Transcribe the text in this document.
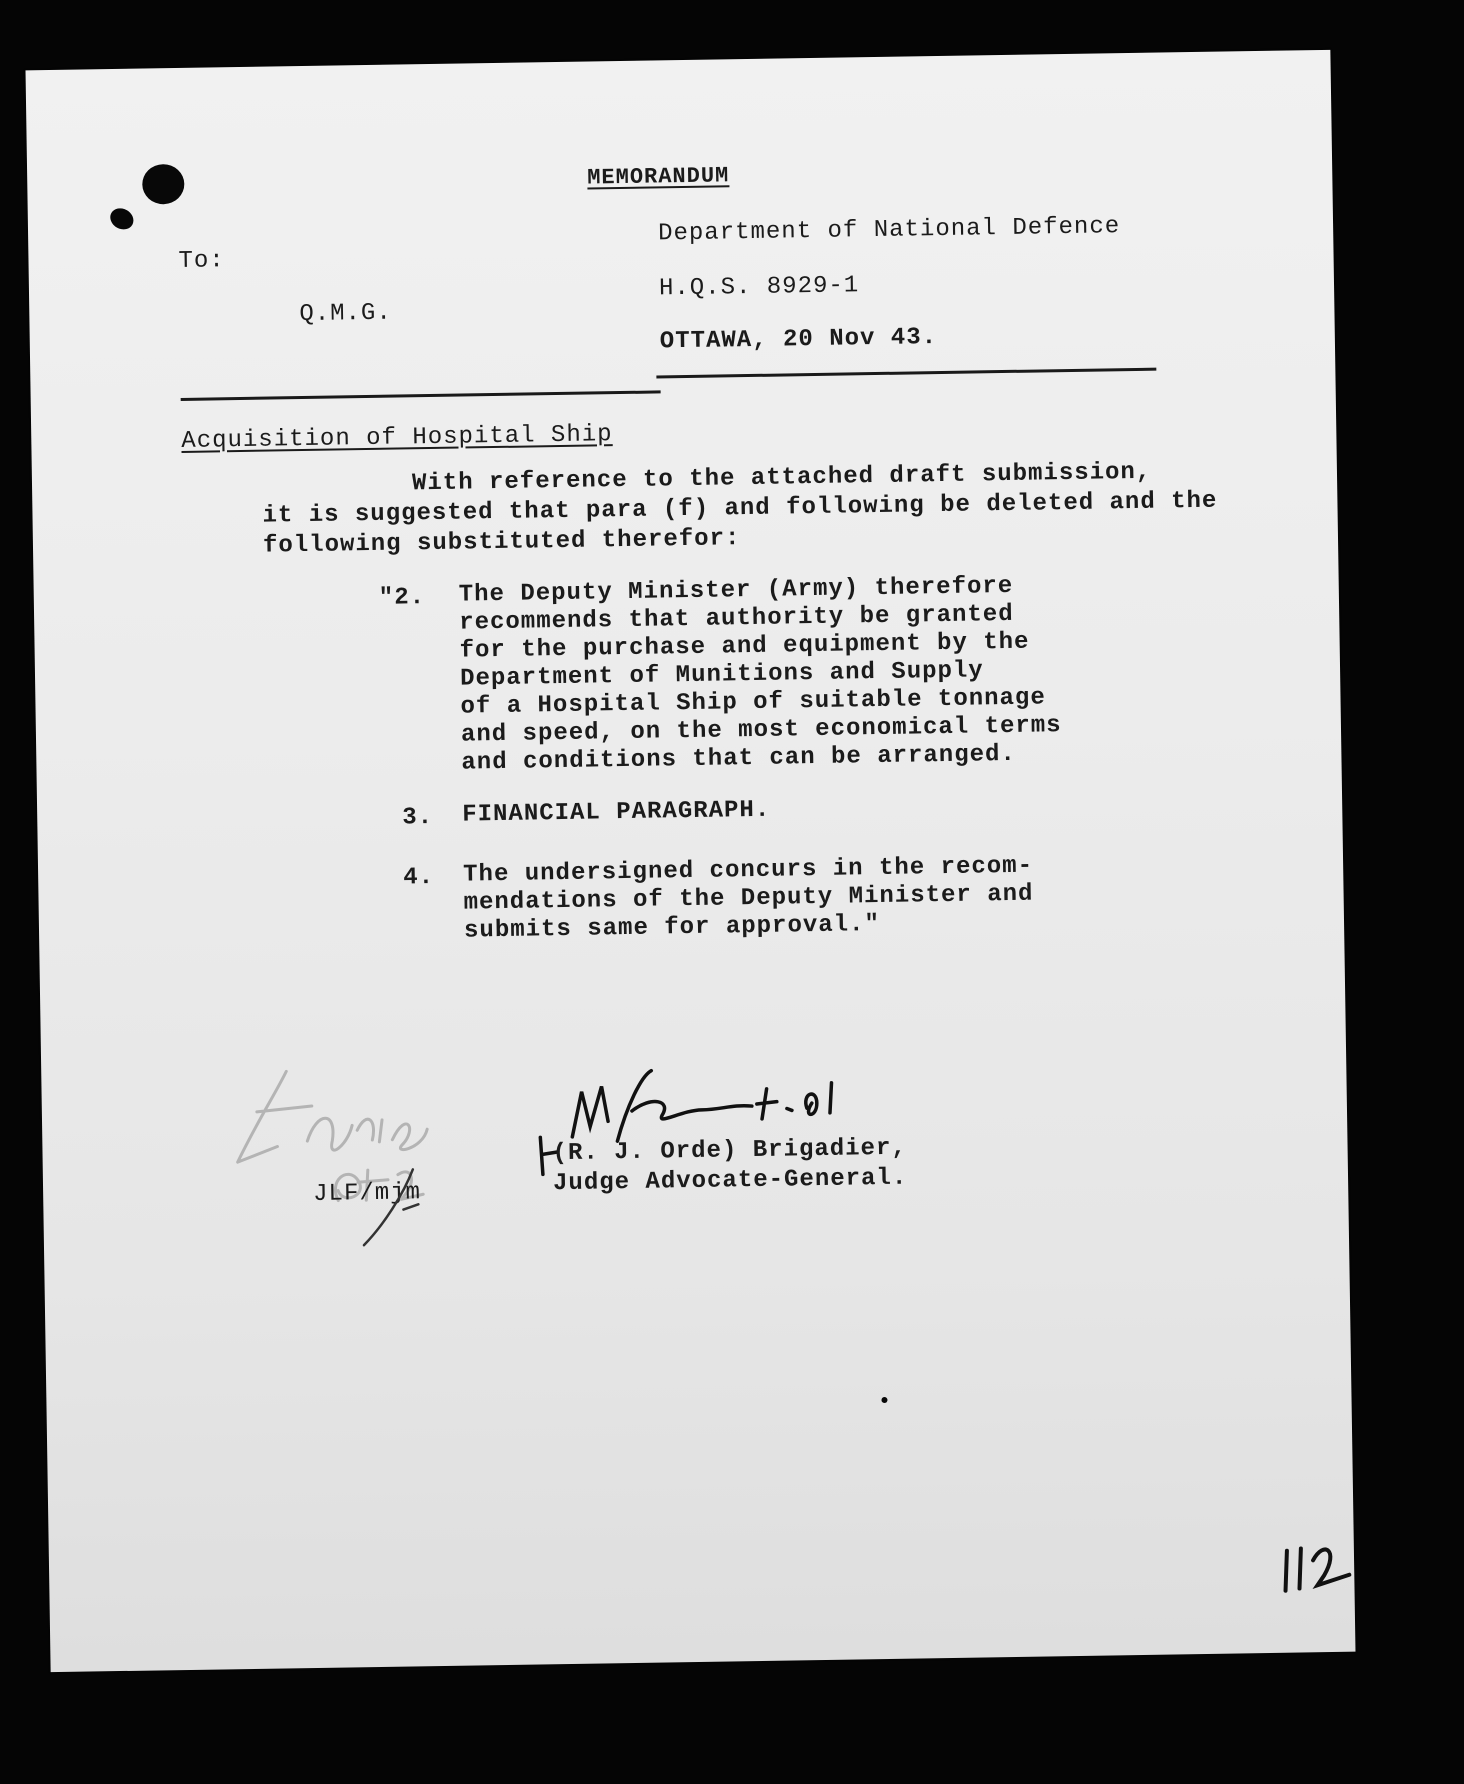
MEMORANDUM
To:
Q.M.G.
Department of National Defence
H.Q.S. 8929-1
OTTAWA, 20 Nov 43.
Acquisition of Hospital Ship
With reference to the attached draft submission,
it is suggested that para (f) and following be deleted and the following substituted therefor:
"2. The Deputy Minister (Army) therefore
recommends that authority be granted
for the purchase and equipment by the
Department of Munitions and Supply
of a Hospital Ship of suitable tonnage
and speed, on the most economical terms
and conditions that can be arranged.
3. FINANCIAL PARAGRAPH.
4. The undersigned concurs in the recom-
mendations of the Deputy Minister and
submits same for approval."
(R. J. Orde) Brigadier,
Judge Advocate-General.
JLF/mjm
